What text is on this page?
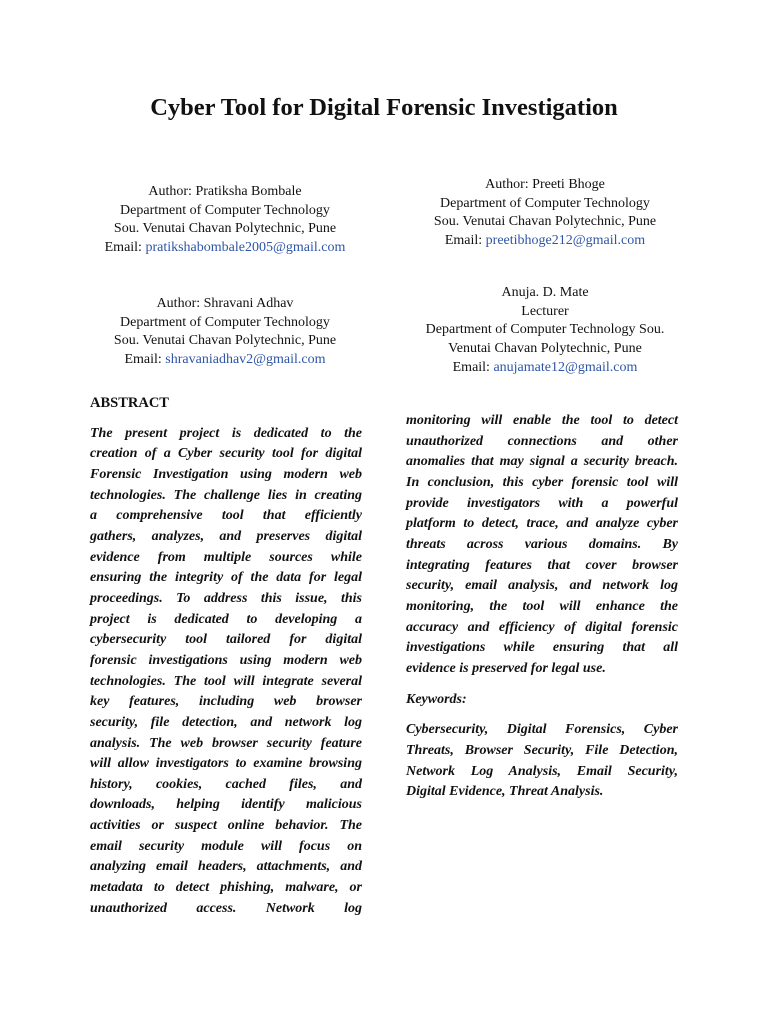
Cyber Tool for Digital Forensic Investigation
Author: Pratiksha Bombale
Department of Computer Technology
Sou. Venutai Chavan Polytechnic, Pune
Email: pratikshabombale2005@gmail.com
Author: Preeti Bhoge
Department of Computer Technology
Sou. Venutai Chavan Polytechnic, Pune
Email: preetibhoge212@gmail.com
Author: Shravani Adhav
Department of Computer Technology
Sou. Venutai Chavan Polytechnic, Pune
Email: shravaniadhav2@gmail.com
Anuja. D. Mate
Lecturer
Department of Computer Technology Sou.
Venutai Chavan Polytechnic, Pune
Email: anujamate12@gmail.com
ABSTRACT
The present project is dedicated to the
creation of a Cyber security tool for digital
Forensic Investigation using modern web
technologies. The challenge lies in creating
a comprehensive tool that efficiently
gathers, analyzes, and preserves digital
evidence from multiple sources while
ensuring the integrity of the data for legal
proceedings. To address this issue, this
project is dedicated to developing a
cybersecurity tool tailored for digital
forensic investigations using modern web
technologies. The tool will integrate several
key features, including web browser
security, file detection, and network log
analysis. The web browser security feature
will allow investigators to examine browsing
history, cookies, cached files, and
downloads, helping identify malicious
activities or suspect online behavior. The
email security module will focus on
analyzing email headers, attachments, and
metadata to detect phishing, malware, or
unauthorized access. Network log
monitoring will enable the tool to detect
unauthorized connections and other
anomalies that may signal a security breach.
In conclusion, this cyber forensic tool will
provide investigators with a powerful
platform to detect, trace, and analyze cyber
threats across various domains. By
integrating features that cover browser
security, email analysis, and network log
monitoring, the tool will enhance the
accuracy and efficiency of digital forensic
investigations while ensuring that all
evidence is preserved for legal use.
Keywords:
Cybersecurity, Digital Forensics, Cyber
Threats, Browser Security, File Detection,
Network Log Analysis, Email Security,
Digital Evidence, Threat Analysis.
